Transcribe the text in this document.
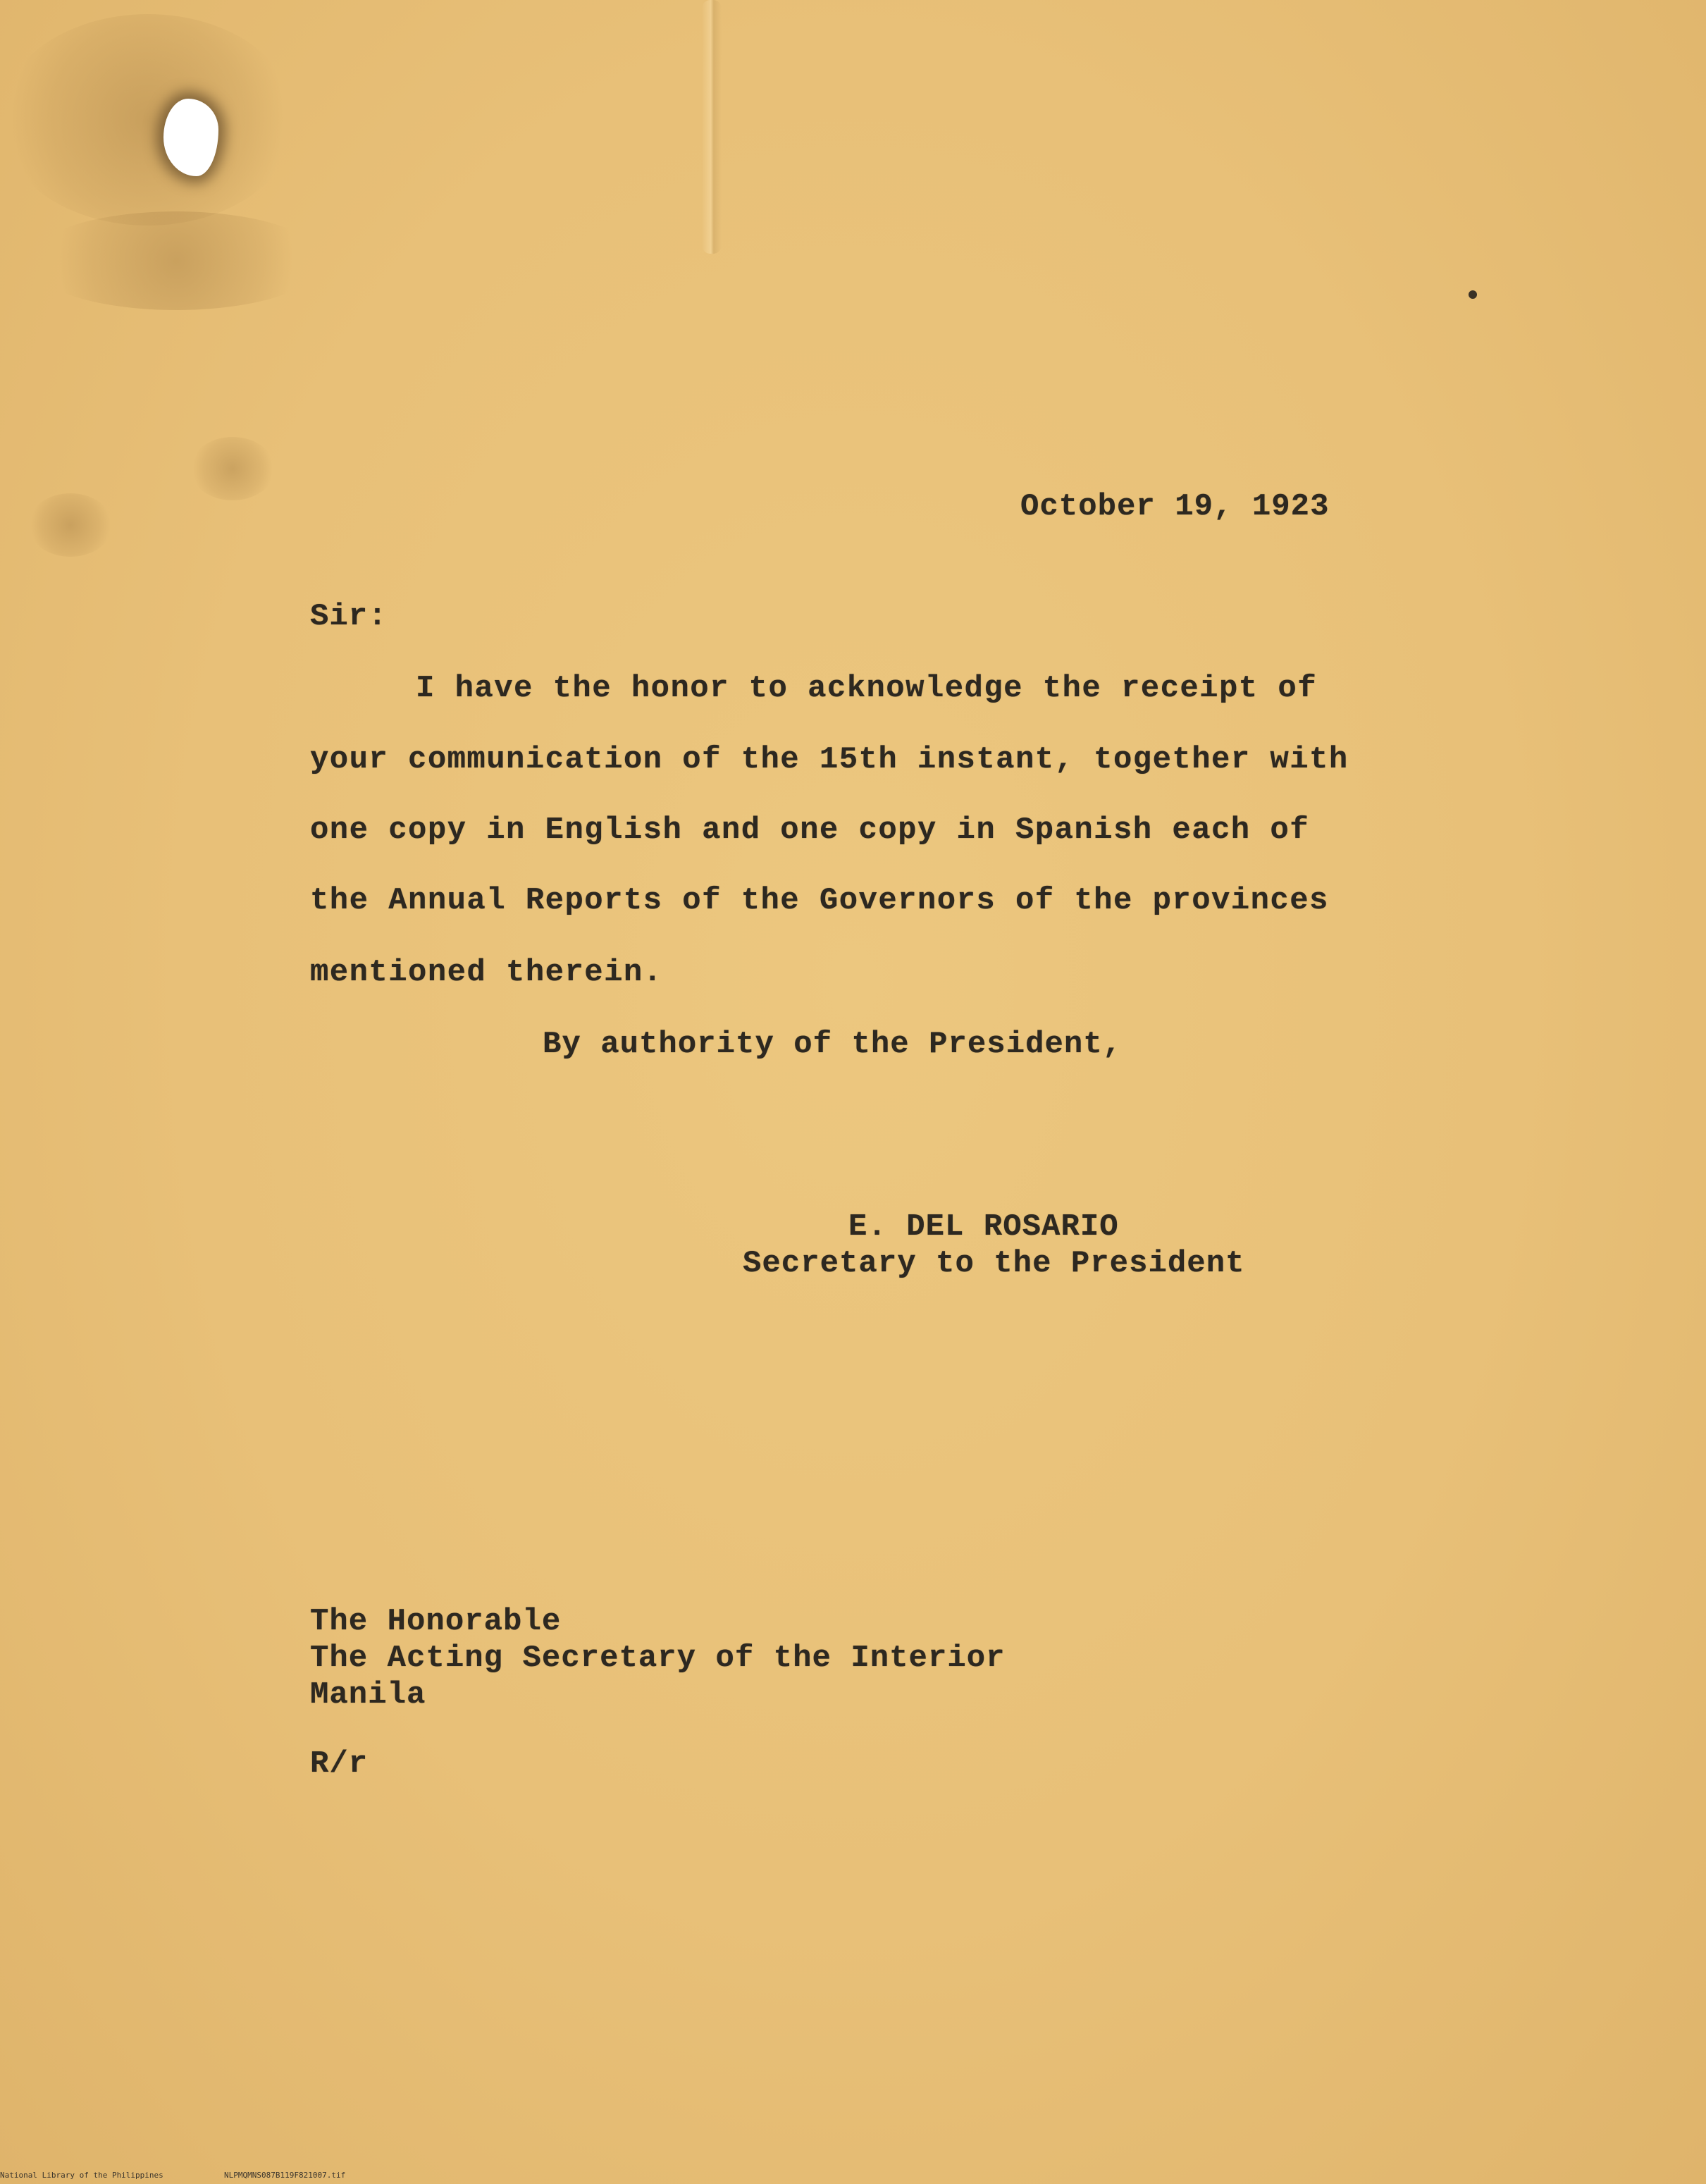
October 19, 1923
Sir:
I have the honor to acknowledge the receipt of
your communication of the 15th instant, together with
one copy in English and one copy in Spanish each of
the Annual Reports of the Governors of the provinces
mentioned therein.
By authority of the President,
E. DEL ROSARIO
Secretary to the President
The Honorable
The Acting Secretary of the Interior
Manila
R/r
National Library of the Philippines	NLPMQMNS087B119F821007.tif
